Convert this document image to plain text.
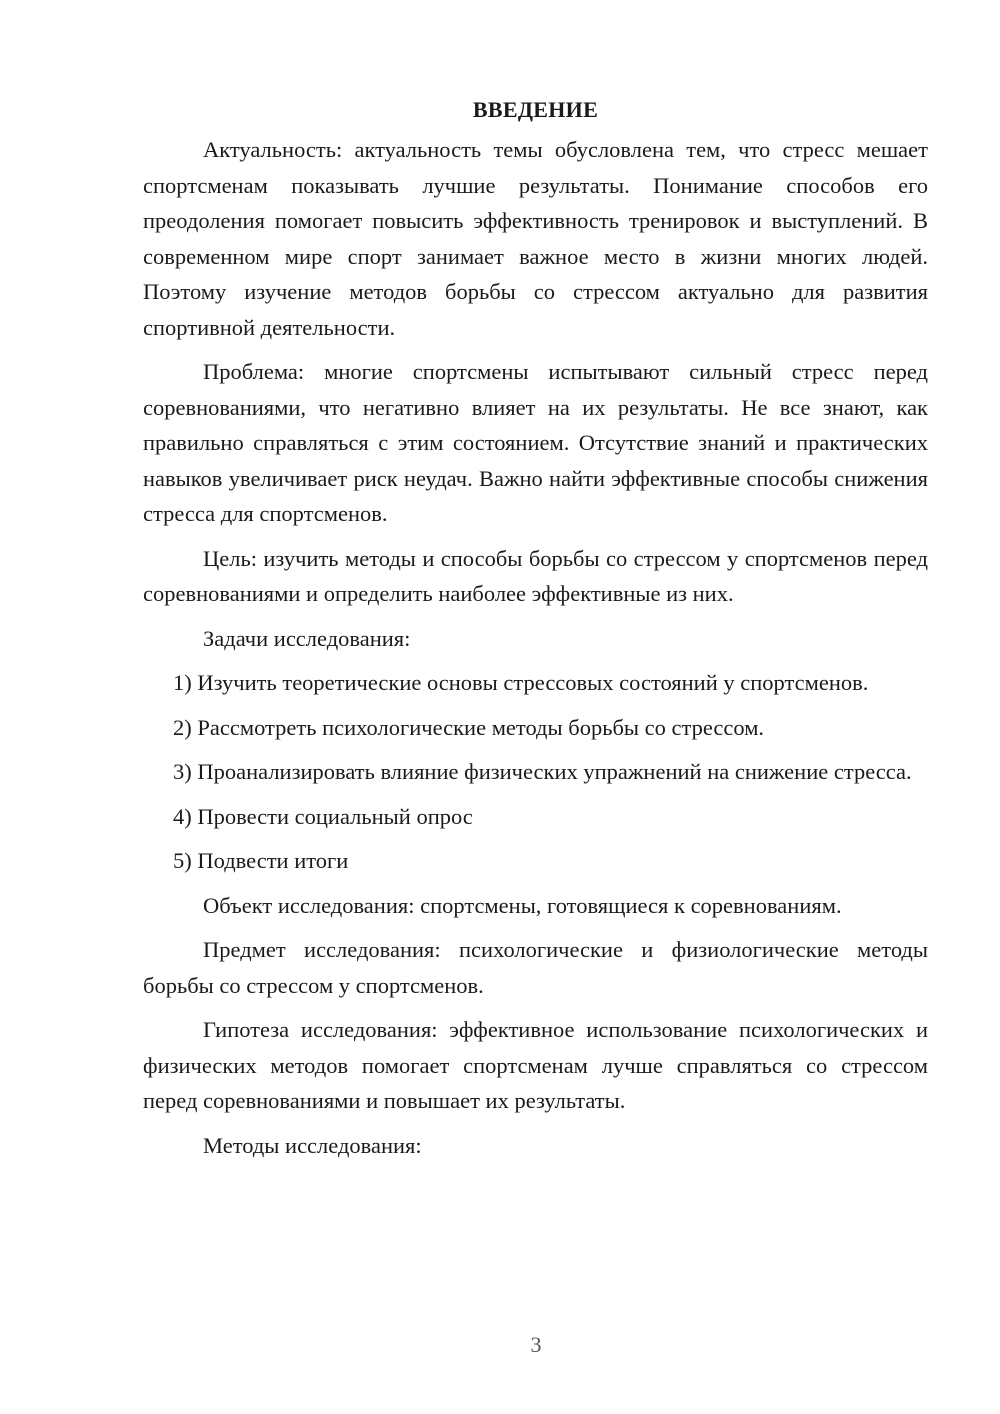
ВВЕДЕНИЕ

Актуальность: актуальность темы обусловлена тем, что стресс мешает спортсменам показывать лучшие результаты. Понимание способов его преодоления помогает повысить эффективность тренировок и выступлений. В современном мире спорт занимает важное место в жизни многих людей. Поэтому изучение методов борьбы со стрессом актуально для развития спортивной деятельности.

Проблема: многие спортсмены испытывают сильный стресс перед соревнованиями, что негативно влияет на их результаты. Не все знают, как правильно справляться с этим состоянием. Отсутствие знаний и практических навыков увеличивает риск неудач. Важно найти эффективные способы снижения стресса для спортсменов.

Цель: изучить методы и способы борьбы со стрессом у спортсменов перед соревнованиями и определить наиболее эффективные из них.

Задачи исследования:

1) Изучить теоретические основы стрессовых состояний у спортсменов.

2) Рассмотреть психологические методы борьбы со стрессом.

3) Проанализировать влияние физических упражнений на снижение стресса.

4) Провести социальный опрос

5) Подвести итоги

Объект исследования: спортсмены, готовящиеся к соревнованиям.

Предмет исследования: психологические и физиологические методы борьбы со стрессом у спортсменов.

Гипотеза исследования: эффективное использование психологических и физических методов помогает спортсменам лучше справляться со стрессом перед соревнованиями и повышает их результаты.

Методы исследования:

3
